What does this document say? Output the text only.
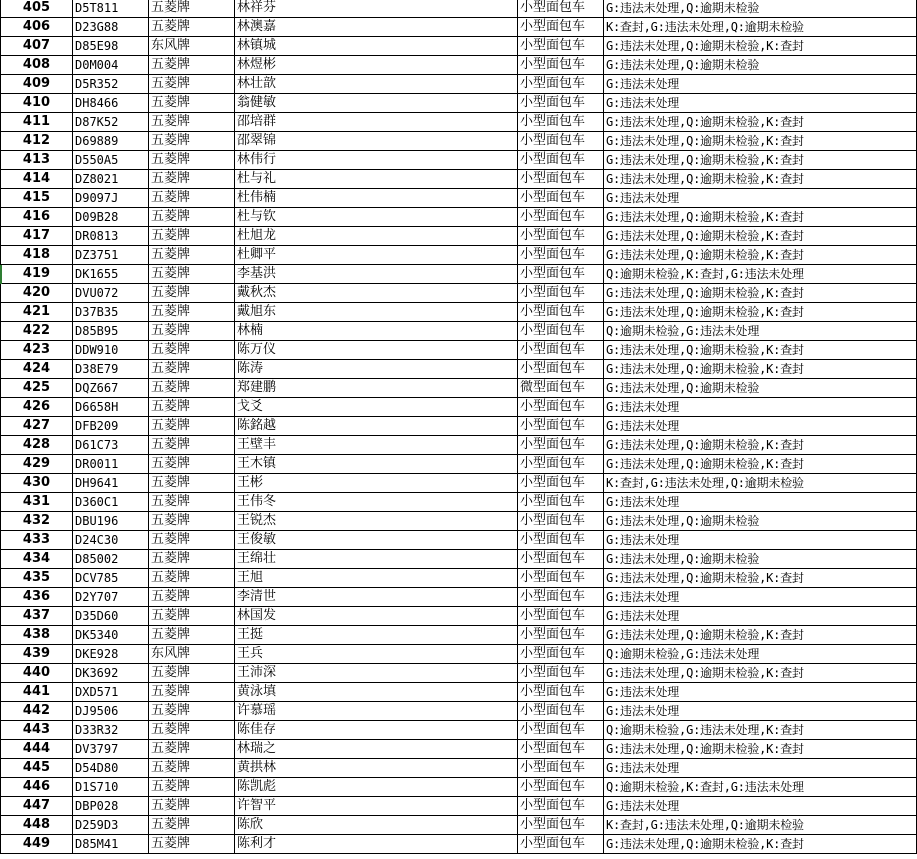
405	D5T811	五菱牌	林祥芬	小型面包车	G:违法未处理,Q:逾期未检验
406	D23G88	五菱牌	林澳嘉	小型面包车	K:查封,G:违法未处理,Q:逾期未检验
407	D85E98	东风牌	林镇城	小型面包车	G:违法未处理,Q:逾期未检验,K:查封
408	D0M004	五菱牌	林煜彬	小型面包车	G:违法未处理,Q:逾期未检验
409	D5R352	五菱牌	林壮歆	小型面包车	G:违法未处理
410	DH8466	五菱牌	翁健敏	小型面包车	G:违法未处理
411	D87K52	五菱牌	邵培群	小型面包车	G:违法未处理,Q:逾期未检验,K:查封
412	D69889	五菱牌	邵翠锦	小型面包车	G:违法未处理,Q:逾期未检验,K:查封
413	D550A5	五菱牌	林伟行	小型面包车	G:违法未处理,Q:逾期未检验,K:查封
414	DZ8021	五菱牌	杜与礼	小型面包车	G:违法未处理,Q:逾期未检验,K:查封
415	D9097J	五菱牌	杜伟楠	小型面包车	G:违法未处理
416	D09B28	五菱牌	杜与钦	小型面包车	G:违法未处理,Q:逾期未检验,K:查封
417	DR0813	五菱牌	杜旭龙	小型面包车	G:违法未处理,Q:逾期未检验,K:查封
418	DZ3751	五菱牌	杜卿平	小型面包车	G:违法未处理,Q:逾期未检验,K:查封
419	DK1655	五菱牌	李基洪	小型面包车	Q:逾期未检验,K:查封,G:违法未处理
420	DVU072	五菱牌	戴秋杰	小型面包车	G:违法未处理,Q:逾期未检验,K:查封
421	D37B35	五菱牌	戴旭东	小型面包车	G:违法未处理,Q:逾期未检验,K:查封
422	D85B95	五菱牌	林楠	小型面包车	Q:逾期未检验,G:违法未处理
423	DDW910	五菱牌	陈万仪	小型面包车	G:违法未处理,Q:逾期未检验,K:查封
424	D38E79	五菱牌	陈涛	小型面包车	G:违法未处理,Q:逾期未检验,K:查封
425	DQZ667	五菱牌	郑建鹏	微型面包车	G:违法未处理,Q:逾期未检验
426	D6658H	五菱牌	戈爻	小型面包车	G:违法未处理
427	DFB209	五菱牌	陈銘越	小型面包车	G:违法未处理
428	D61C73	五菱牌	王壁丰	小型面包车	G:违法未处理,Q:逾期未检验,K:查封
429	DR0011	五菱牌	王木镇	小型面包车	G:违法未处理,Q:逾期未检验,K:查封
430	DH9641	五菱牌	王彬	小型面包车	K:查封,G:违法未处理,Q:逾期未检验
431	D360C1	五菱牌	王伟冬	小型面包车	G:违法未处理
432	DBU196	五菱牌	王锐杰	小型面包车	G:违法未处理,Q:逾期未检验
433	D24C30	五菱牌	王俊敏	小型面包车	G:违法未处理
434	D85002	五菱牌	王绵壮	小型面包车	G:违法未处理,Q:逾期未检验
435	DCV785	五菱牌	王旭	小型面包车	G:违法未处理,Q:逾期未检验,K:查封
436	D2Y707	五菱牌	李清世	小型面包车	G:违法未处理
437	D35D60	五菱牌	林国发	小型面包车	G:违法未处理
438	DK5340	五菱牌	王挺	小型面包车	G:违法未处理,Q:逾期未检验,K:查封
439	DKE928	东风牌	王兵	小型面包车	Q:逾期未检验,G:违法未处理
440	DK3692	五菱牌	王沛深	小型面包车	G:违法未处理,Q:逾期未检验,K:查封
441	DXD571	五菱牌	黄泳填	小型面包车	G:违法未处理
442	DJ9506	五菱牌	许慕瑶	小型面包车	G:违法未处理
443	D33R32	五菱牌	陈佳存	小型面包车	Q:逾期未检验,G:违法未处理,K:查封
444	DV3797	五菱牌	林瑞之	小型面包车	G:违法未处理,Q:逾期未检验,K:查封
445	D54D80	五菱牌	黄拱林	小型面包车	G:违法未处理
446	D1S710	五菱牌	陈凯彪	小型面包车	Q:逾期未检验,K:查封,G:违法未处理
447	DBP028	五菱牌	许智平	小型面包车	G:违法未处理
448	D259D3	五菱牌	陈欣	小型面包车	K:查封,G:违法未处理,Q:逾期未检验
449	D85M41	五菱牌	陈利才	小型面包车	G:违法未处理,Q:逾期未检验,K:查封
